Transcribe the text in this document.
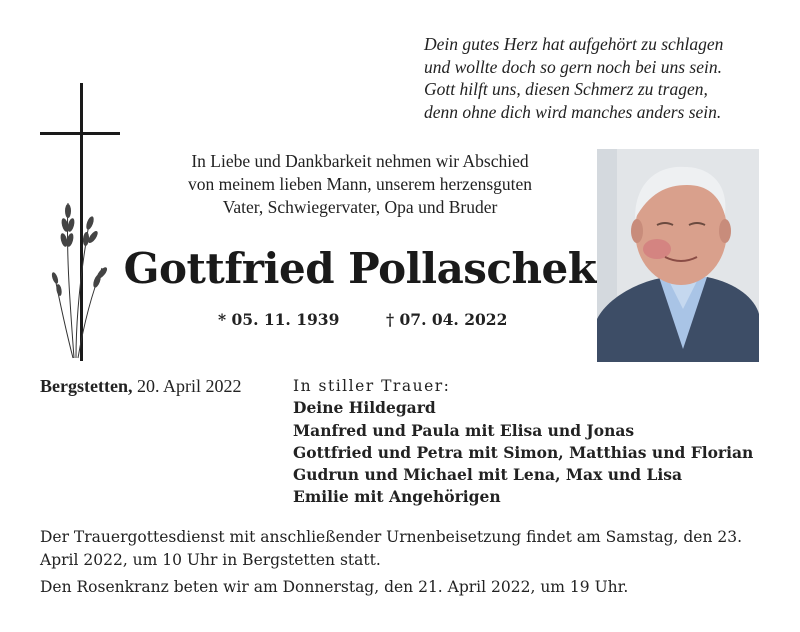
Dein gutes Herz hat aufgehört zu schlagen
und wollte doch so gern noch bei uns sein.
Gott hilft uns, diesen Schmerz zu tragen,
denn ohne dich wird manches anders sein.
In Liebe und Dankbarkeit nehmen wir Abschied
von meinem lieben Mann, unserem herzensguten
Vater, Schwiegervater, Opa und Bruder
Gottfried Pollaschek
* 05. 11. 1939	† 07. 04. 2022
Bergstetten, 20. April 2022	In stiller Trauer:
Deine Hildegard
Manfred und Paula mit Elisa und Jonas
Gottfried und Petra mit Simon, Matthias und Florian
Gudrun und Michael mit Lena, Max und Lisa
Emilie mit Angehörigen
Der Trauergottesdienst mit anschließender Urnenbeisetzung findet am Samstag, den 23. April 2022, um 10 Uhr in Bergstetten statt.
Den Rosenkranz beten wir am Donnerstag, den 21. April 2022, um 19 Uhr.
